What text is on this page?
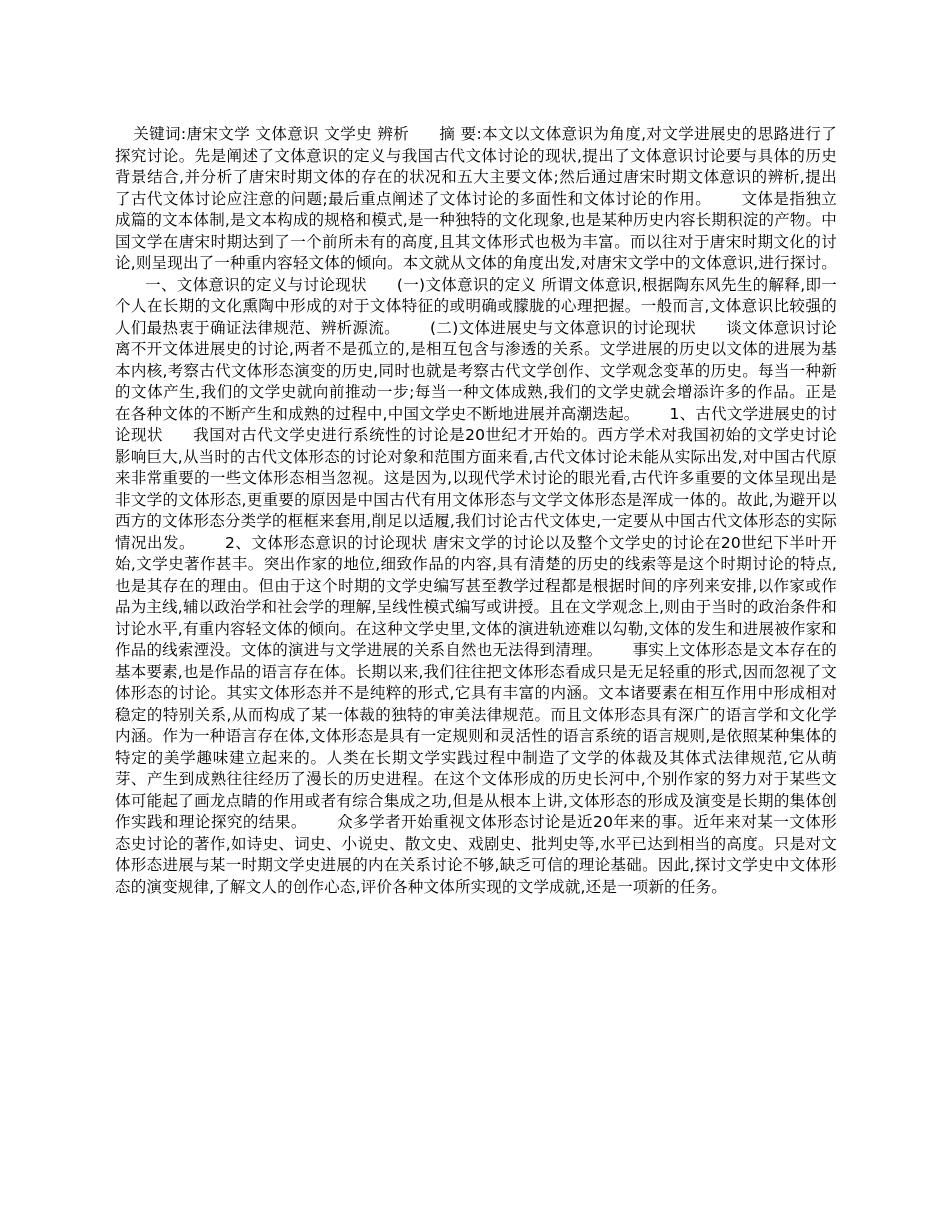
关键词:唐宋文学 文体意识 文学史 辨析 摘 要:本文以文体意识为角度,对文学进展史的思路进行了探究讨论。先是阐述了文体意识的定义与我国古代文体讨论的现状,提出了文体意识讨论要与具体的历史背景结合,并分析了唐宋时期文体的存在的状况和五大主要文体;然后通过唐宋时期文体意识的辨析,提出了古代文体讨论应注意的问题;最后重点阐述了文体讨论的多面性和文体讨论的作用。 文体是指独立成篇的文本体制,是文本构成的规格和模式,是一种独特的文化现象,也是某种历史内容长期积淀的产物。中国文学在唐宋时期达到了一个前所未有的高度,且其文体形式也极为丰富。而以往对于唐宋时期文化的讨论,则呈现出了一种重内容轻文体的倾向。本文就从文体的角度出发,对唐宋文学中的文体意识,进行探讨。一、文体意识的定义与讨论现状 (一)文体意识的定义 所谓文体意识,根据陶东风先生的解释,即一个人在长期的文化熏陶中形成的对于文体特征的或明确或朦胧的心理把握。一般而言,文体意识比较强的人们最热衷于确证法律规范、辨析源流。 (二)文体进展史与文体意识的讨论现状 谈文体意识讨论离不开文体进展史的讨论,两者不是孤立的,是相互包含与渗透的关系。文学进展的历史以文体的进展为基本内核,考察古代文体形态演变的历史,同时也就是考察古代文学创作、文学观念变革的历史。每当一种新的文体产生,我们的文学史就向前推动一步;每当一种文体成熟,我们的文学史就会增添许多的作品。正是在各种文体的不断产生和成熟的过程中,中国文学史不断地进展并高潮迭起。 1、古代文学进展史的讨论现状 我国对古代文学史进行系统性的讨论是20世纪才开始的。西方学术对我国初始的文学史讨论影响巨大,从当时的古代文体形态的讨论对象和范围方面来看,古代文体讨论未能从实际出发,对中国古代原来非常重要的一些文体形态相当忽视。这是因为,以现代学术讨论的眼光看,古代许多重要的文体呈现出是非文学的文体形态,更重要的原因是中国古代有用文体形态与文学文体形态是浑成一体的。故此,为避开以西方的文体形态分类学的框框来套用,削足以适履,我们讨论古代文体史,一定要从中国古代文体形态的实际情况出发。 2、文体形态意识的讨论现状 唐宋文学的讨论以及整个文学史的讨论在20世纪下半叶开始,文学史著作甚丰。突出作家的地位,细致作品的内容,具有清楚的历史的线索等是这个时期讨论的特点,也是其存在的理由。但由于这个时期的文学史编写甚至教学过程都是根据时间的序列来安排,以作家或作品为主线,辅以政治学和社会学的理解,呈线性模式编写或讲授。且在文学观念上,则由于当时的政治条件和讨论水平,有重内容轻文体的倾向。在这种文学史里,文体的演进轨迹难以勾勒,文体的发生和进展被作家和作品的线索湮没。文体的演进与文学进展的关系自然也无法得到清理。 事实上文体形态是文本存在的基本要素,也是作品的语言存在体。长期以来,我们往往把文体形态看成只是无足轻重的形式,因而忽视了文体形态的讨论。其实文体形态并不是纯粹的形式,它具有丰富的内涵。文本诸要素在相互作用中形成相对稳定的特别关系,从而构成了某一体裁的独特的审美法律规范。而且文体形态具有深广的语言学和文化学内涵。作为一种语言存在体,文体形态是具有一定规则和灵活性的语言系统的语言规则,是依照某种集体的特定的美学趣味建立起来的。人类在长期文学实践过程中制造了文学的体裁及其体式法律规范,它从萌芽、产生到成熟往往经历了漫长的历史进程。在这个文体形成的历史长河中,个别作家的努力对于某些文体可能起了画龙点睛的作用或者有综合集成之功,但是从根本上讲,文体形态的形成及演变是长期的集体创作实践和理论探究的结果。 众多学者开始重视文体形态讨论是近20年来的事。近年来对某一文体形态史讨论的著作,如诗史、词史、小说史、散文史、戏剧史、批判史等,水平已达到相当的高度。只是对文体形态进展与某一时期文学史进展的内在关系讨论不够,缺乏可信的理论基础。因此,探讨文学史中文体形态的演变规律,了解文人的创作心态,评价各种文体所实现的文学成就,还是一项新的任务。
